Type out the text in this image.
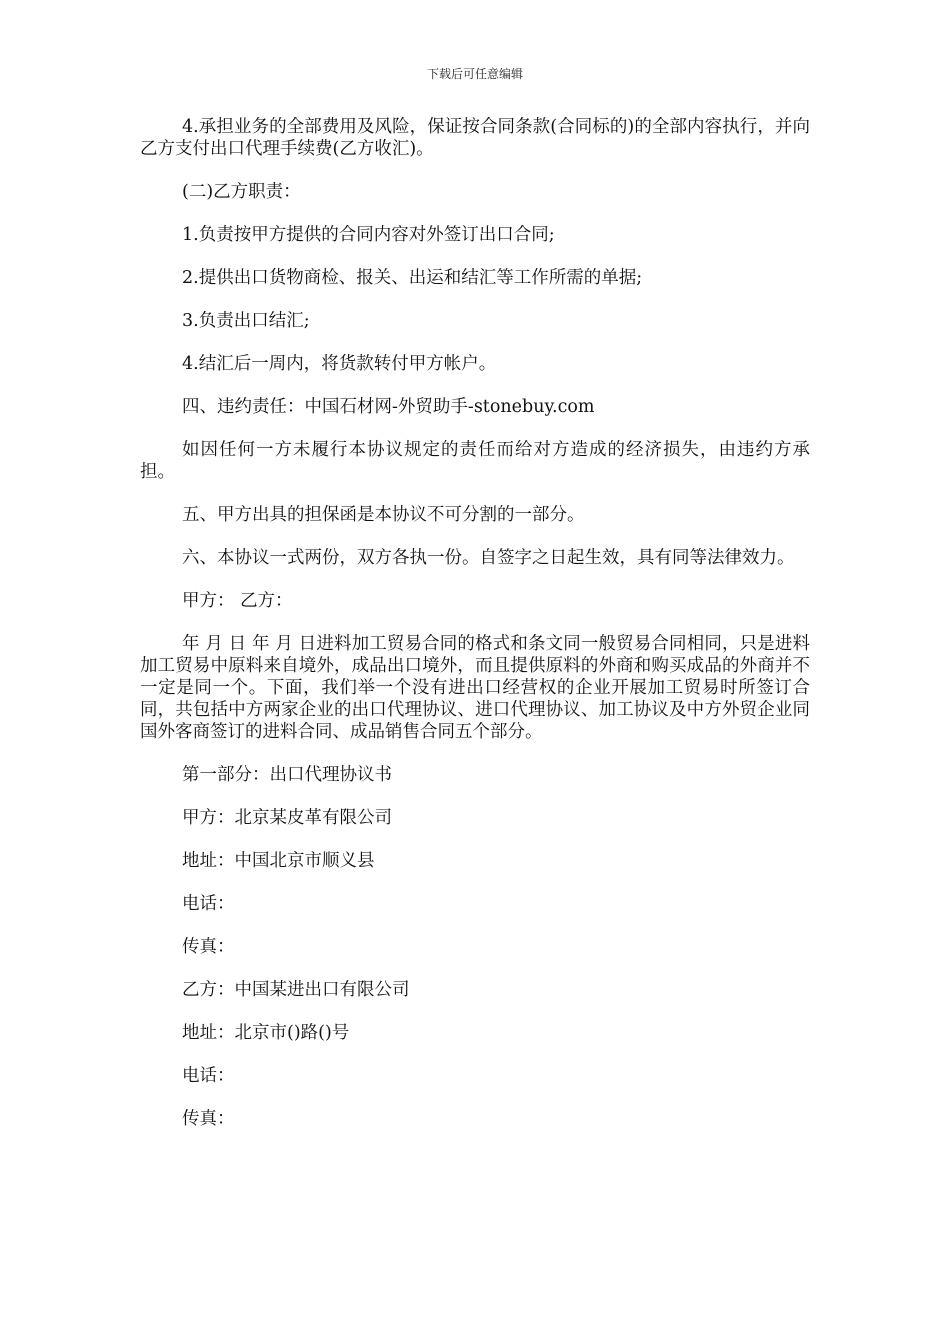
下载后可任意编辑

4.承担业务的全部费用及风险，保证按合同条款(合同标的)的全部内容执行，并向乙方支付出口代理手续费(乙方收汇)。

(二)乙方职责：

1.负责按甲方提供的合同内容对外签订出口合同;

2.提供出口货物商检、报关、出运和结汇等工作所需的单据;

3.负责出口结汇;

4.结汇后一周内，将货款转付甲方帐户。

四、违约责任：中国石材网-外贸助手-stonebuy.com

如因任何一方未履行本协议规定的责任而给对方造成的经济损失，由违约方承担。

五、甲方出具的担保函是本协议不可分割的一部分。

六、本协议一式两份，双方各执一份。自签字之日起生效，具有同等法律效力。

甲方： 乙方：

年 月 日 年 月 日进料加工贸易合同的格式和条文同一般贸易合同相同，只是进料加工贸易中原料来自境外，成品出口境外，而且提供原料的外商和购买成品的外商并不一定是同一个。下面，我们举一个没有进出口经营权的企业开展加工贸易时所签订合同，共包括中方两家企业的出口代理协议、进口代理协议、加工协议及中方外贸企业同国外客商签订的进料合同、成品销售合同五个部分。

第一部分：出口代理协议书

甲方：北京某皮革有限公司

地址：中国北京市顺义县

电话：

传真：

乙方：中国某进出口有限公司

地址：北京市()路()号

电话：

传真：
